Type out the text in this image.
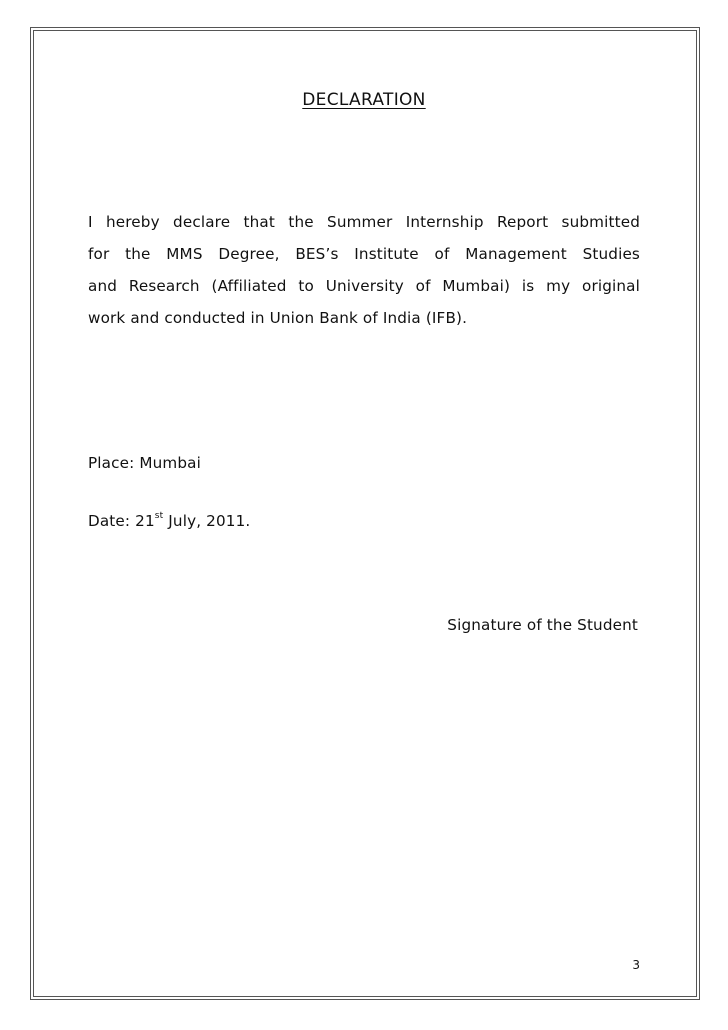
DECLARATION
I hereby declare that the Summer Internship Report submitted
for the MMS Degree, BES’s Institute of Management Studies
and Research (Affiliated to University of Mumbai) is my original
work and conducted in Union Bank of India (IFB).
Place: Mumbai
Date: 21st July, 2011.
Signature of the Student
3
